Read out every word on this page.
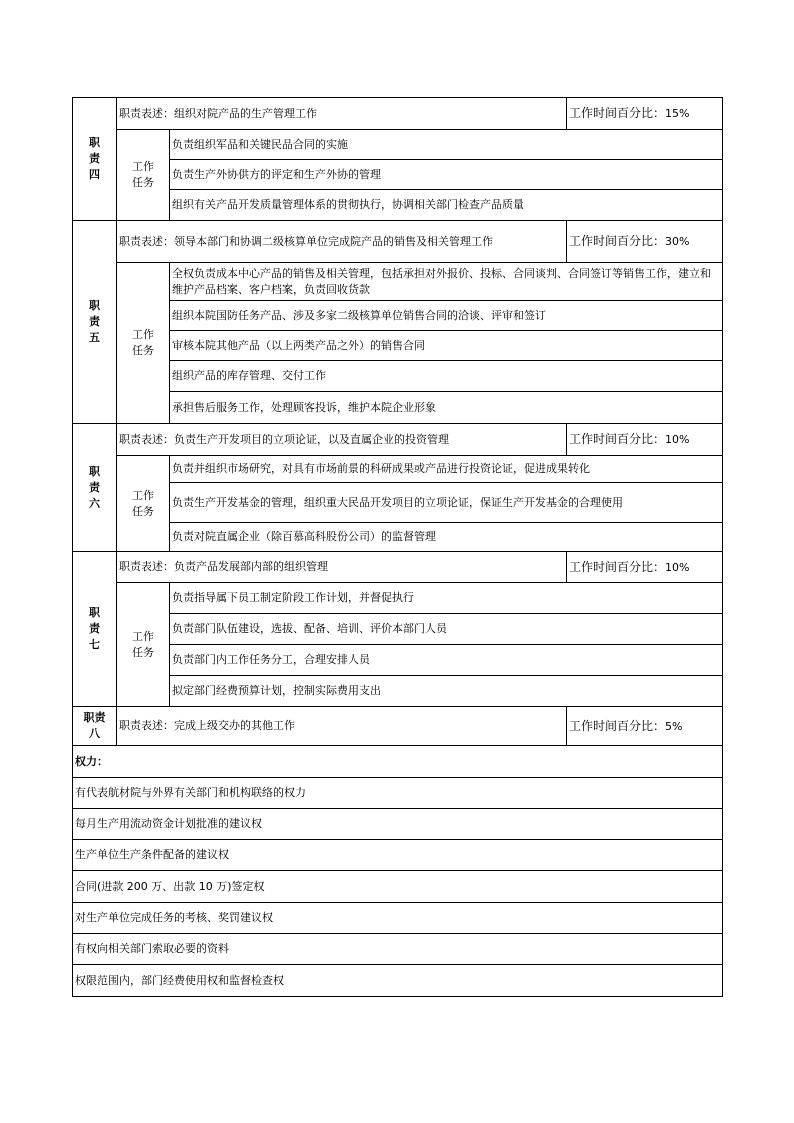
职
责
四	职责表述：组织对院产品的生产管理工作		工作时间百分比：15%

	工作
任务	负责组织军品和关键民品合同的实施	
		负责生产外协供方的评定和生产外协的管理	
		组织有关产品开发质量管理体系的贯彻执行，协调相关部门检查产品质量	

职
责
五	职责表述：领导本部门和协调二级核算单位完成院产品的销售及相关管理工作		工作时间百分比：30%

	工作
任务	全权负责成本中心产品的销售及相关管理，包括承担对外报价、投标、合同谈判、合同签订等销售工作，建立和维护产品档案、客户档案，负责回收货款	
		组织本院国防任务产品、涉及多家二级核算单位销售合同的洽谈、评审和签订	
		审核本院其他产品（以上两类产品之外）的销售合同	
		组织产品的库存管理、交付工作	
		承担售后服务工作，处理顾客投诉，维护本院企业形象	

职
责
六	职责表述：负责生产开发项目的立项论证，以及直属企业的投资管理		工作时间百分比：10%

	工作
任务	负责并组织市场研究，对具有市场前景的科研成果或产品进行投资论证，促进成果转化	
		负责生产开发基金的管理，组织重大民品开发项目的立项论证，保证生产开发基金的合理使用	
		负责对院直属企业（除百慕高科股份公司）的监督管理	

职
责
七	职责表述：负责产品发展部内部的组织管理		工作时间百分比：10%

	工作
任务	负责指导属下员工制定阶段工作计划，并督促执行	
		负责部门队伍建设，选拔、配备、培训、评价本部门人员	
		负责部门内工作任务分工，合理安排人员	
		拟定部门经费预算计划，控制实际费用支出	

职责
八	职责表述：完成上级交办的其他工作		工作时间百分比：5%
权力：			
有代表航材院与外界有关部门和机构联络的权力			
每月生产用流动资金计划批准的建议权			
生产单位生产条件配备的建议权			
合同(进款 200 万、出款 10 万)签定权			
对生产单位完成任务的考核、奖罚建议权			
有权向相关部门索取必要的资料			
权限范围内，部门经费使用权和监督检查权			
